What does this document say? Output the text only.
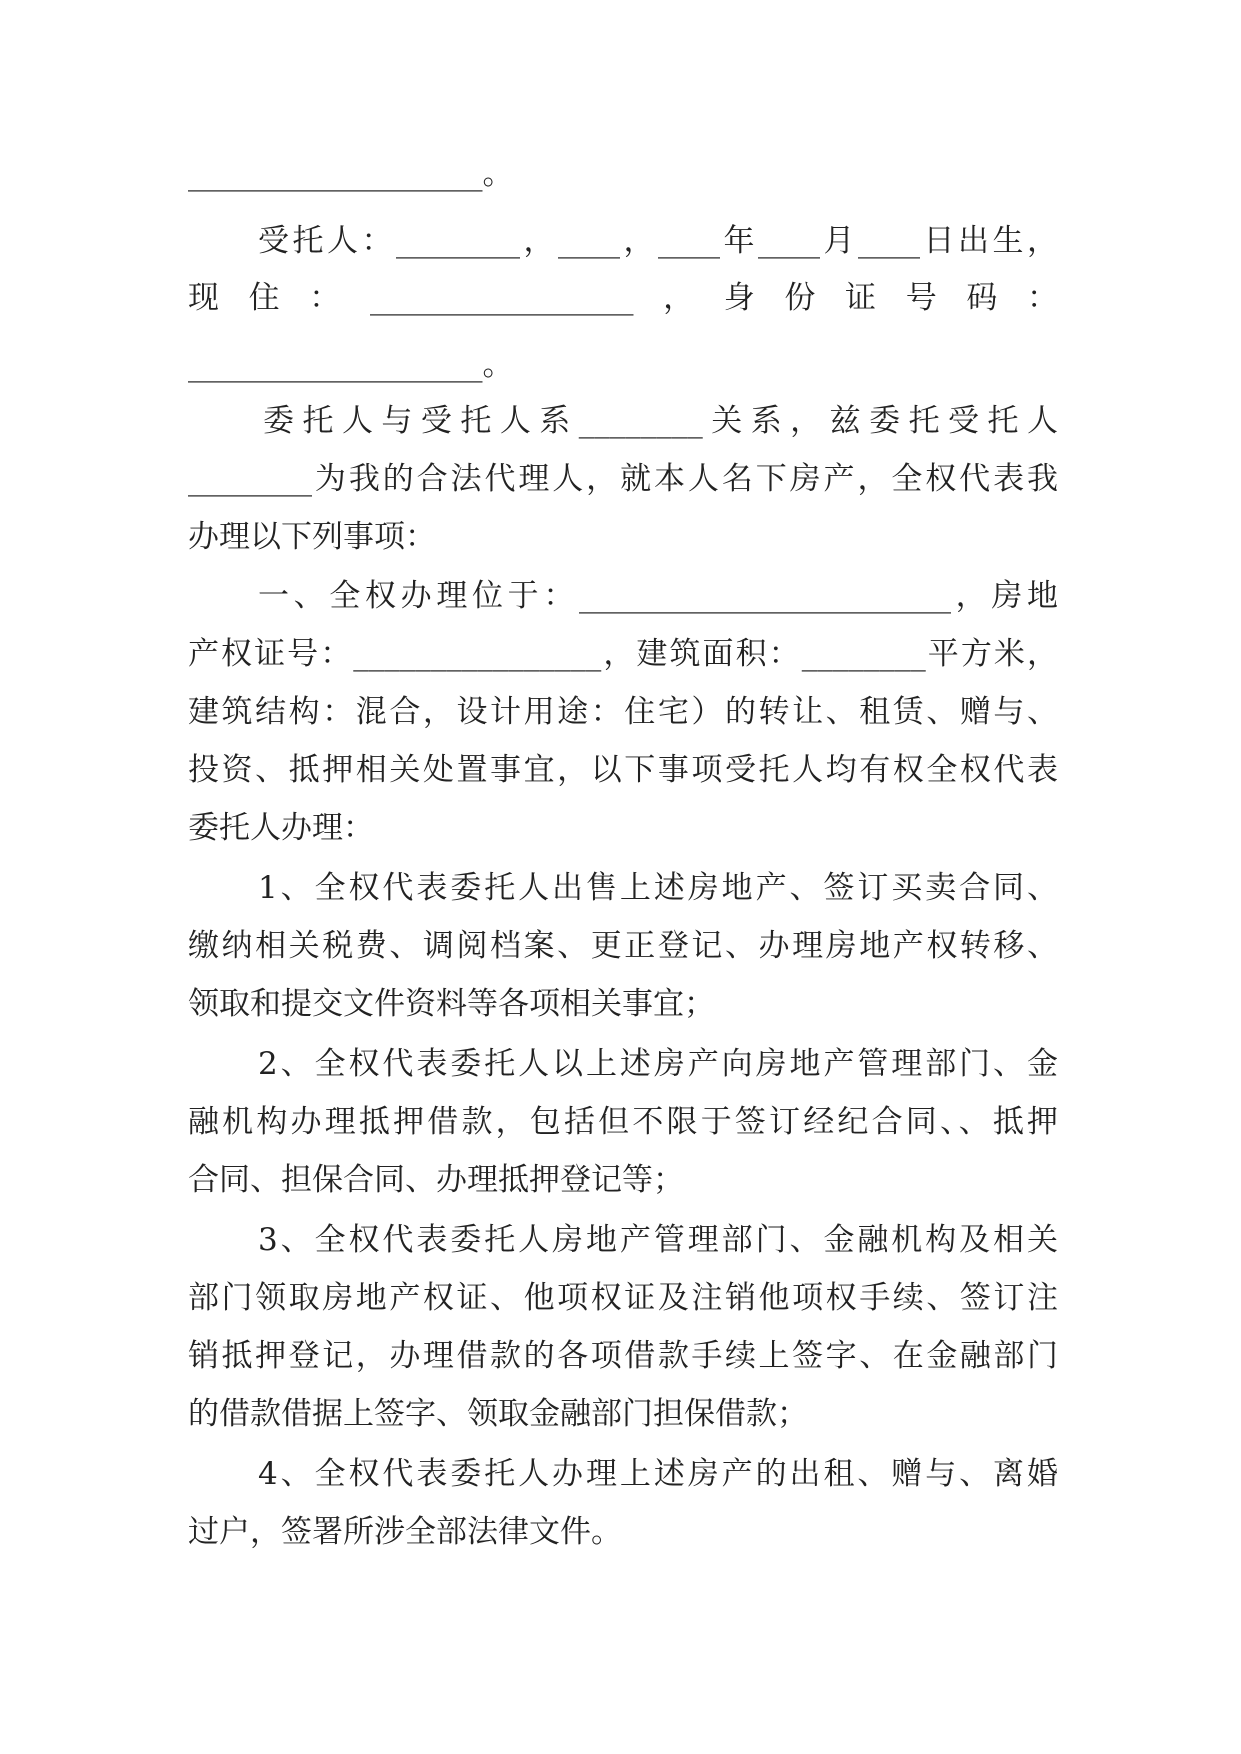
___________________。
受托人：________，____，____年____月____日出生，
现住：_________________，身份证号码：
___________________。
委托人与受托人系________关系，兹委托受托人
________为我的合法代理人，就本人名下房产，全权代表我
办理以下列事项：
一、全权办理位于：________________________，房地
产权证号：________________，建筑面积：________平方米，
建筑结构：混合，设计用途：住宅）的转让、租赁、赠与、
投资、抵押相关处置事宜，以下事项受托人均有权全权代表
委托人办理：
1、全权代表委托人出售上述房地产、签订买卖合同、
缴纳相关税费、调阅档案、更正登记、办理房地产权转移、
领取和提交文件资料等各项相关事宜；
2、全权代表委托人以上述房产向房地产管理部门、金
融机构办理抵押借款，包括但不限于签订经纪合同、、抵押
合同、担保合同、办理抵押登记等；
3、全权代表委托人房地产管理部门、金融机构及相关
部门领取房地产权证、他项权证及注销他项权手续、签订注
销抵押登记，办理借款的各项借款手续上签字、在金融部门
的借款借据上签字、领取金融部门担保借款；
4、全权代表委托人办理上述房产的出租、赠与、离婚
过户，签署所涉全部法律文件。
